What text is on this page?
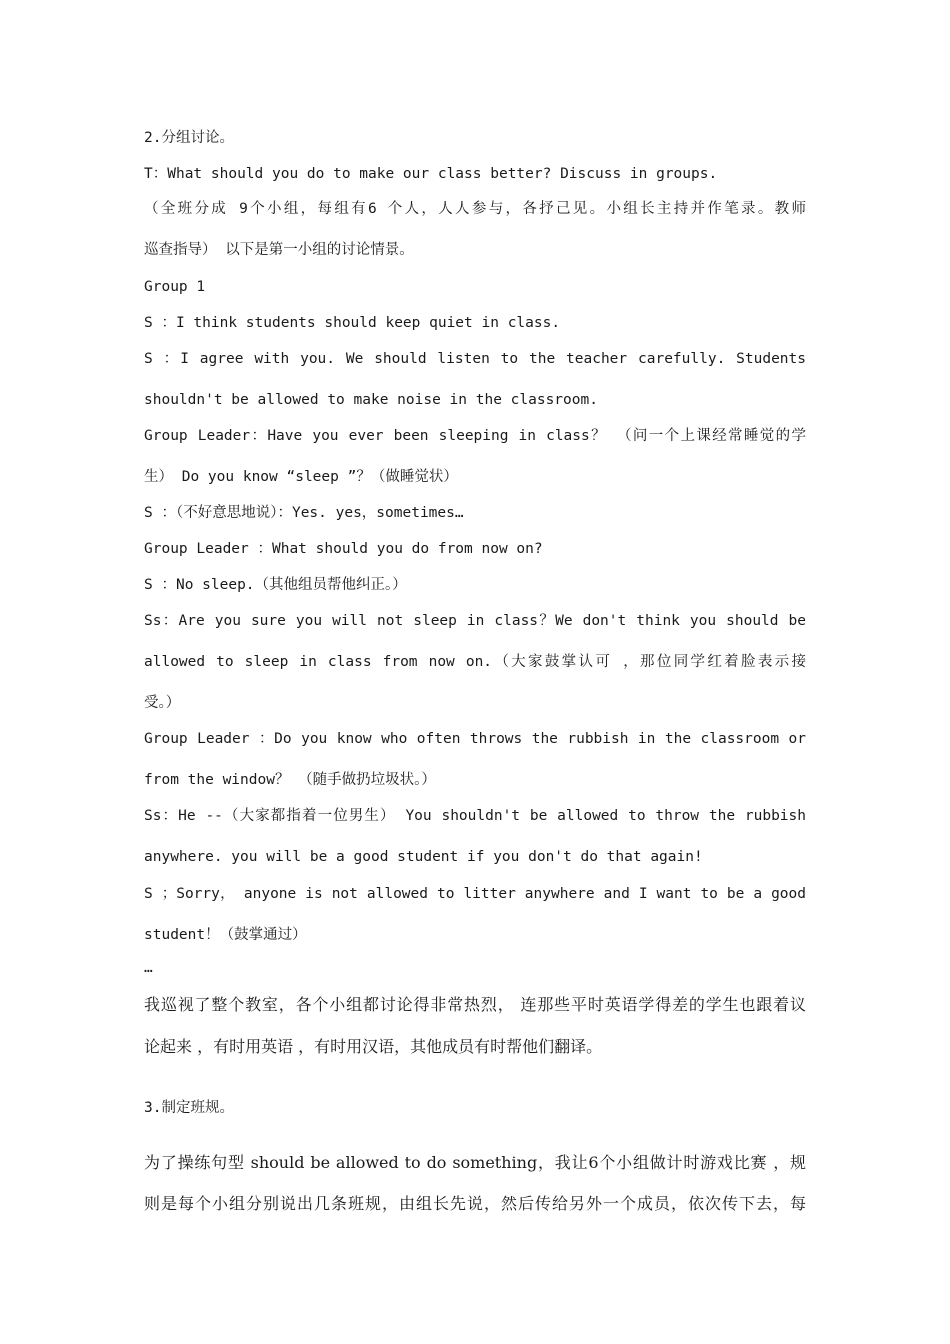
2.分组讨论。
T：What should you do to make our class better? Discuss in groups.
（全班分成 9个小组，每组有6 个人，人人参与，各抒己见。小组长主持并作笔录。教师
巡查指导） 以下是第一小组的讨论情景。
Group 1
S ：I think students should keep quiet in class.
S ：I agree with you. We should listen to the teacher carefully. Students
shouldn't be allowed to make noise in the classroom.
Group Leader：Have you ever been sleeping in class？ （问一个上课经常睡觉的学
生） Do you know “sleep ”？（做睡觉状）
S ：（不好意思地说）：Yes. yes，sometimes…
Group Leader ：What should you do from now on?
S ：No sleep.（其他组员帮他纠正。）
Ss：Are you sure you will not sleep in class？We don't think you should be
allowed to sleep in class from now on.（大家鼓掌认可 ，那位同学红着脸表示接
受。）
Group Leader ：Do you know who often throws the rubbish in the classroom or
from the window？ （随手做扔垃圾状。）
Ss：He --（大家都指着一位男生） You shouldn't be allowed to throw the rubbish
anywhere. you will be a good student if you don't do that again!
S ；Sorry， anyone is not allowed to litter anywhere and I want to be a good
student！（鼓掌通过）
…
我巡视了整个教室，各个小组都讨论得非常热烈， 连那些平时英语学得差的学生也跟着议
论起来 ，有时用英语 ，有时用汉语，其他成员有时帮他们翻译。
3.制定班规。
为了操练句型 should be allowed to do something，我让6个小组做计时游戏比赛 ，规
则是每个小组分别说出几条班规，由组长先说，然后传给另外一个成员，依次传下去，每
